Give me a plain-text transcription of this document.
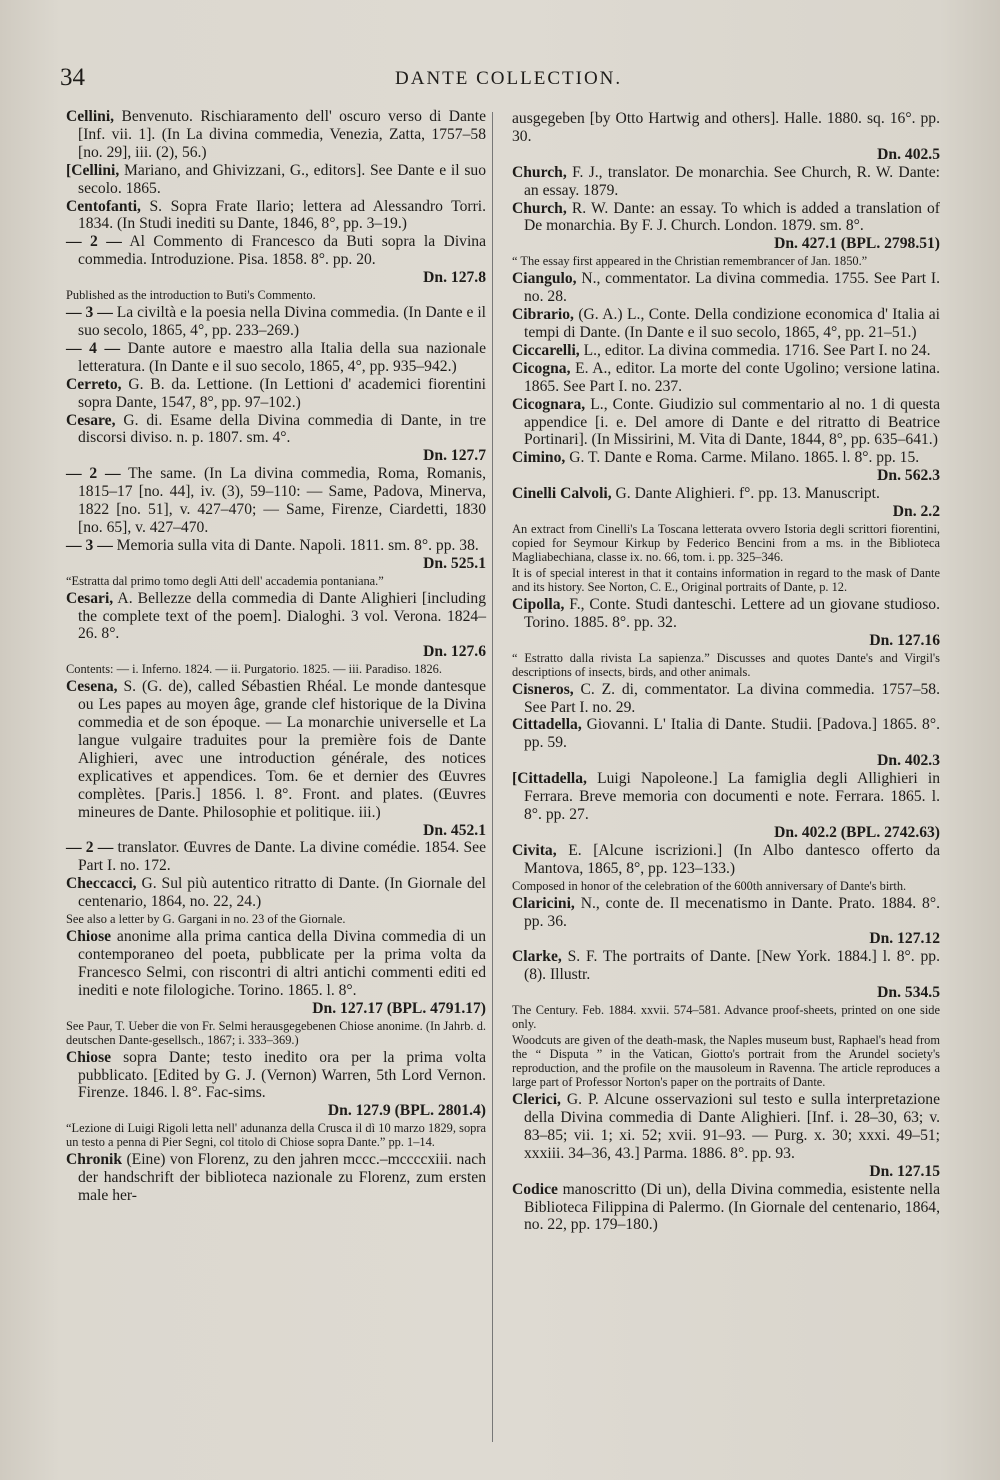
34	DANTE COLLECTION.

Cellini, Benvenuto. Rischiaramento dell' oscuro verso di Dante [Inf. vii. 1]. (In La divina commedia, Venezia, Zatta, 1757–58 [no. 29], iii. (2), 56.)

[Cellini, Mariano, and Ghivizzani, G., editors]. See Dante e il suo secolo. 1865.

Centofanti, S. Sopra Frate Ilario; lettera ad Alessandro Torri. 1834. (In Studi inediti su Dante, 1846, 8°, pp. 3–19.)

— 2 — Al Commento di Francesco da Buti sopra la Divina commedia. Introduzione. Pisa. 1858. 8°. pp. 20.
Dn. 127.8

Published as the introduction to Buti's Commento.

— 3 — La civiltà e la poesia nella Divina commedia. (In Dante e il suo secolo, 1865, 4°, pp. 233–269.)

— 4 — Dante autore e maestro alla Italia della sua nazionale letteratura. (In Dante e il suo secolo, 1865, 4°, pp. 935–942.)

Cerreto, G. B. da. Lettione. (In Lettioni d' academici fiorentini sopra Dante, 1547, 8°, pp. 97–102.)

Cesare, G. di. Esame della Divina commedia di Dante, in tre discorsi diviso. n. p. 1807. sm. 4°.
Dn. 127.7

— 2 — The same. (In La divina commedia, Roma, Romanis, 1815–17 [no. 44], iv. (3), 59–110: — Same, Padova, Minerva, 1822 [no. 51], v. 427–470; — Same, Firenze, Ciardetti, 1830 [no. 65], v. 427–470.

— 3 — Memoria sulla vita di Dante. Napoli. 1811. sm. 8°. pp. 38.
Dn. 525.1

“Estratta dal primo tomo degli Atti dell' accademia pontaniana.”

Cesari, A. Bellezze della commedia di Dante Alighieri [including the complete text of the poem]. Dialoghi. 3 vol. Verona. 1824–26. 8°.
Dn. 127.6

Contents: — i. Inferno. 1824. — ii. Purgatorio. 1825. — iii. Paradiso. 1826.

Cesena, S. (G. de), called Sébastien Rhéal. Le monde dantesque ou Les papes au moyen âge, grande clef historique de la Divina commedia et de son époque. — La monarchie universelle et La langue vulgaire traduites pour la première fois de Dante Alighieri, avec une introduction générale, des notices explicatives et appendices. Tom. 6e et dernier des Œuvres complètes. [Paris.] 1856. l. 8°. Front. and plates. (Œuvres mineures de Dante. Philosophie et politique. iii.)
Dn. 452.1

— 2 — translator. Œuvres de Dante. La divine comédie. 1854. See Part I. no. 172.

Checcacci, G. Sul più autentico ritratto di Dante. (In Giornale del centenario, 1864, no. 22, 24.)

See also a letter by G. Gargani in no. 23 of the Giornale.

Chiose anonime alla prima cantica della Divina commedia di un contemporaneo del poeta, pubblicate per la prima volta da Francesco Selmi, con riscontri di altri antichi commenti editi ed inediti e note filologiche. Torino. 1865. l. 8°.
Dn. 127.17 (BPL. 4791.17)

See Paur, T. Ueber die von Fr. Selmi herausgegebenen Chiose anonime. (In Jahrb. d. deutschen Dante-gesellsch., 1867; i. 333–369.)

Chiose sopra Dante; testo inedito ora per la prima volta pubblicato. [Edited by G. J. (Vernon) Warren, 5th Lord Vernon. Firenze. 1846. l. 8°. Fac-sims.
Dn. 127.9 (BPL. 2801.4)

“Lezione di Luigi Rigoli letta nell' adunanza della Crusca il dì 10 marzo 1829, sopra un testo a penna di Pier Segni, col titolo di Chiose sopra Dante.” pp. 1–14.

Chronik (Eine) von Florenz, zu den jahren mccc.–mccccxiii. nach der handschrift der biblioteca nazionale zu Florenz, zum ersten male her-

ausgegeben [by Otto Hartwig and others]. Halle. 1880. sq. 16°. pp. 30.
Dn. 402.5

Church, F. J., translator. De monarchia. See Church, R. W. Dante: an essay. 1879.

Church, R. W. Dante: an essay. To which is added a translation of De monarchia. By F. J. Church. London. 1879. sm. 8°.
Dn. 427.1 (BPL. 2798.51)

“ The essay first appeared in the Christian remembrancer of Jan. 1850.”

Ciangulo, N., commentator. La divina commedia. 1755. See Part I. no. 28.

Cibrario, (G. A.) L., Conte. Della condizione economica d' Italia ai tempi di Dante. (In Dante e il suo secolo, 1865, 4°, pp. 21–51.)

Ciccarelli, L., editor. La divina commedia. 1716. See Part I. no 24.

Cicogna, E. A., editor. La morte del conte Ugolino; versione latina. 1865. See Part I. no. 237.

Cicognara, L., Conte. Giudizio sul commentario al no. 1 di questa appendice [i. e. Del amore di Dante e del ritratto di Beatrice Portinari]. (In Missirini, M. Vita di Dante, 1844, 8°, pp. 635–641.)

Cimino, G. T. Dante e Roma. Carme. Milano. 1865. l. 8°. pp. 15.
Dn. 562.3

Cinelli Calvoli, G. Dante Alighieri. f°. pp. 13. Manuscript.
Dn. 2.2

An extract from Cinelli's La Toscana letterata ovvero Istoria degli scrittori fiorentini, copied for Seymour Kirkup by Federico Bencini from a ms. in the Biblioteca Magliabechiana, classe ix. no. 66, tom. i. pp. 325–346.

It is of special interest in that it contains information in regard to the mask of Dante and its history. See Norton, C. E., Original portraits of Dante, p. 12.

Cipolla, F., Conte. Studi danteschi. Lettere ad un giovane studioso. Torino. 1885. 8°. pp. 32.
Dn. 127.16

“ Estratto dalla rivista La sapienza.” Discusses and quotes Dante's and Virgil's descriptions of insects, birds, and other animals.

Cisneros, C. Z. di, commentator. La divina commedia. 1757–58. See Part I. no. 29.

Cittadella, Giovanni. L' Italia di Dante. Studii. [Padova.] 1865. 8°. pp. 59.
Dn. 402.3

[Cittadella, Luigi Napoleone.] La famiglia degli Allighieri in Ferrara. Breve memoria con documenti e note. Ferrara. 1865. l. 8°. pp. 27.
Dn. 402.2 (BPL. 2742.63)

Civita, E. [Alcune iscrizioni.] (In Albo dantesco offerto da Mantova, 1865, 8°, pp. 123–133.)

Composed in honor of the celebration of the 600th anniversary of Dante's birth.

Claricini, N., conte de. Il mecenatismo in Dante. Prato. 1884. 8°. pp. 36.
Dn. 127.12

Clarke, S. F. The portraits of Dante. [New York. 1884.] l. 8°. pp. (8). Illustr.
Dn. 534.5

The Century. Feb. 1884. xxvii. 574–581. Advance proof-sheets, printed on one side only.

Woodcuts are given of the death-mask, the Naples museum bust, Raphael's head from the “ Disputa ” in the Vatican, Giotto's portrait from the Arundel society's reproduction, and the profile on the mausoleum in Ravenna. The article reproduces a large part of Professor Norton's paper on the portraits of Dante.

Clerici, G. P. Alcune osservazioni sul testo e sulla interpretazione della Divina commedia di Dante Alighieri. [Inf. i. 28–30, 63; v. 83–85; vii. 1; xi. 52; xvii. 91–93. — Purg. x. 30; xxxi. 49–51; xxxiii. 34–36, 43.] Parma. 1886. 8°. pp. 93.
Dn. 127.15

Codice manoscritto (Di un), della Divina commedia, esistente nella Biblioteca Filippina di Palermo. (In Giornale del centenario, 1864, no. 22, pp. 179–180.)
